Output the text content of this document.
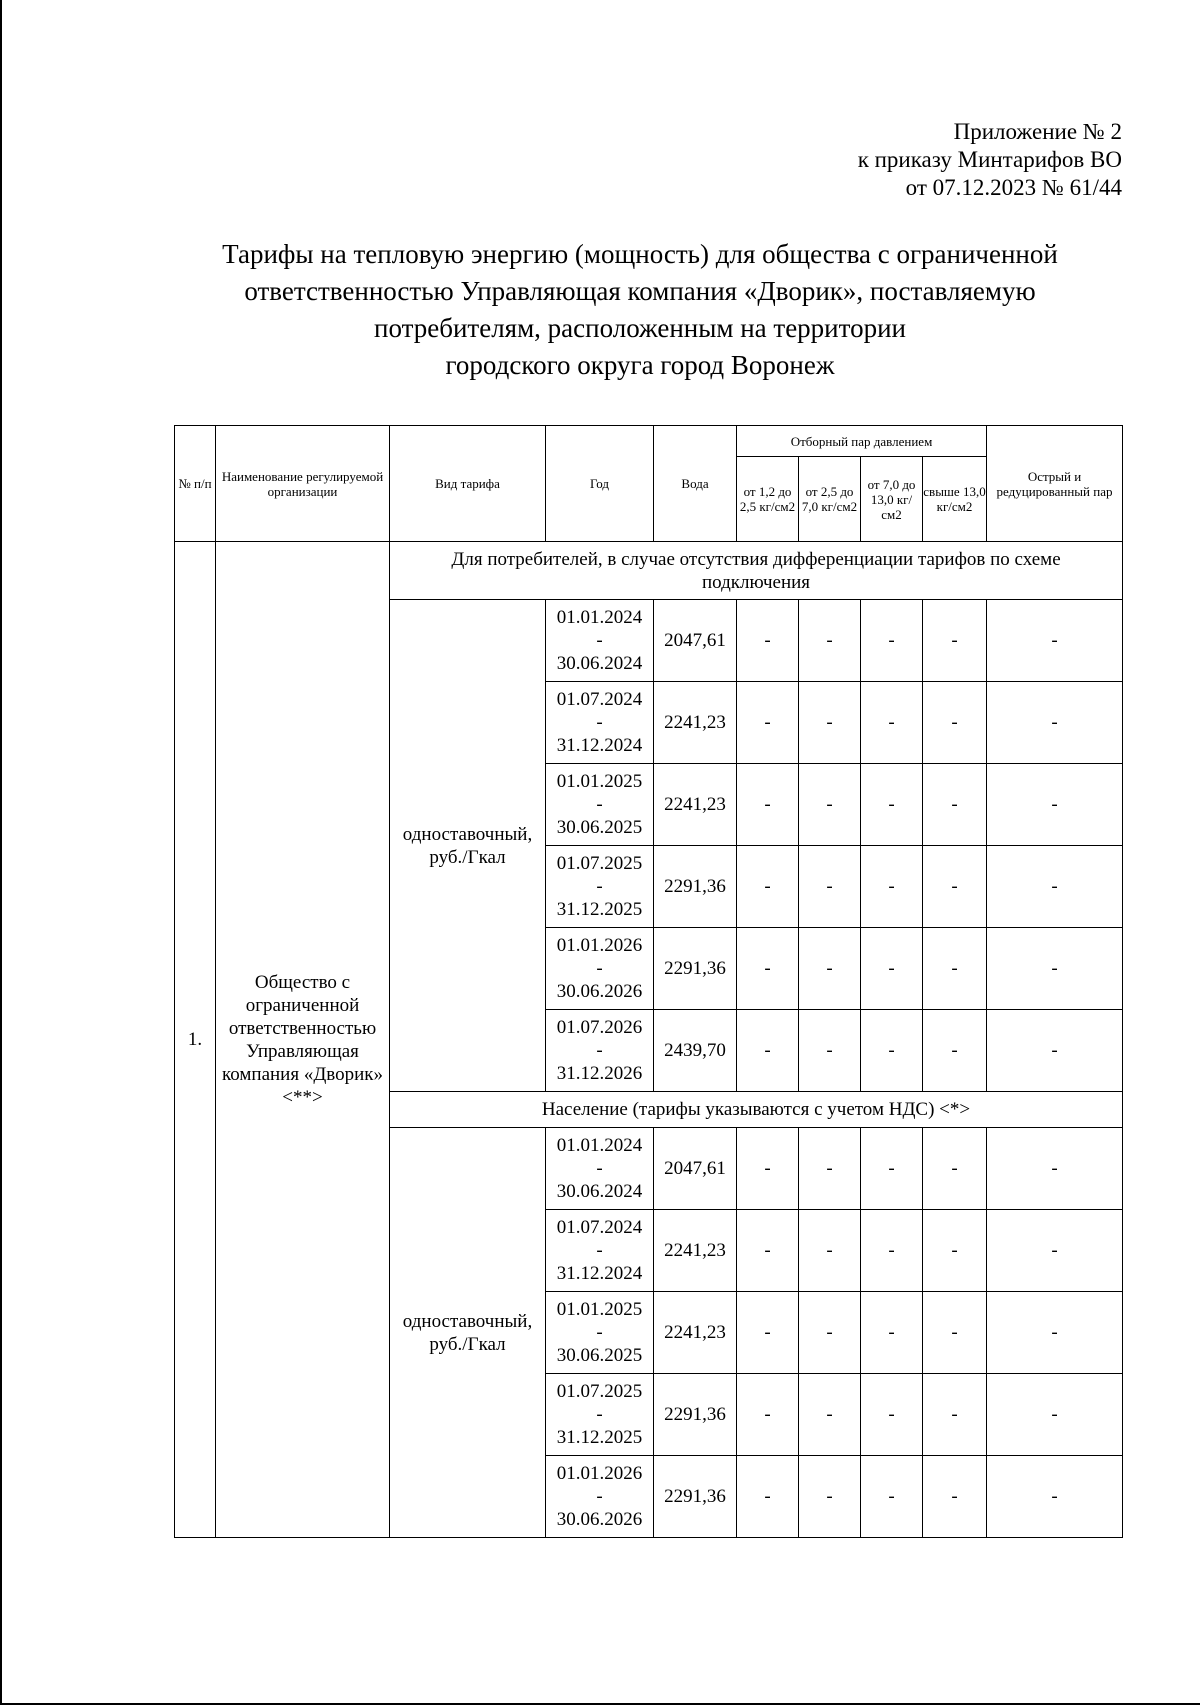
Приложение № 2
к приказу Минтарифов ВО
от 07.12.2023 № 61/44
Тарифы на тепловую энергию (мощность) для общества с ограниченной
ответственностью Управляющая компания «Дворик», поставляемую
потребителям, расположенным на территории
городского округа город Воронеж
№ п/п	Наименование регулируемой организации	Вид тарифа	Год	Вода	Отборный пар давлением				Острый и редуцированный пар
					от 1,2 до 2,5 кг/см2	от 2,5 до 7,0 кг/см2	от 7,0 до 13,0 кг/см2	свыше 13,0 кг/см2	
1.	Общество с ограниченной ответственностью Управляющая компания «Дворик» <**>	Для потребителей, в случае отсутствия дифференциации тарифов по схеме подключения							
		одноставочный, руб./Гкал	01.01.2024
-
30.06.2024	2047,61	-	-	-	-	-

			01.07.2024
-
31.12.2024	2241,23	-	-	-	-	-

			01.01.2025
-
30.06.2025	2241,23	-	-	-	-	-

			01.07.2025
-
31.12.2025	2291,36	-	-	-	-	-

			01.01.2026
-
30.06.2026	2291,36	-	-	-	-	-

			01.07.2026
-
31.12.2026	2439,70	-	-	-	-	-
		Население (тарифы указываются с учетом НДС) <*>							
		одноставочный, руб./Гкал	01.01.2024
-
30.06.2024	2047,61	-	-	-	-	-

			01.07.2024
-
31.12.2024	2241,23	-	-	-	-	-

			01.01.2025
-
30.06.2025	2241,23	-	-	-	-	-

			01.07.2025
-
31.12.2025	2291,36	-	-	-	-	-

			01.01.2026
-
30.06.2026	2291,36	-	-	-	-	-
